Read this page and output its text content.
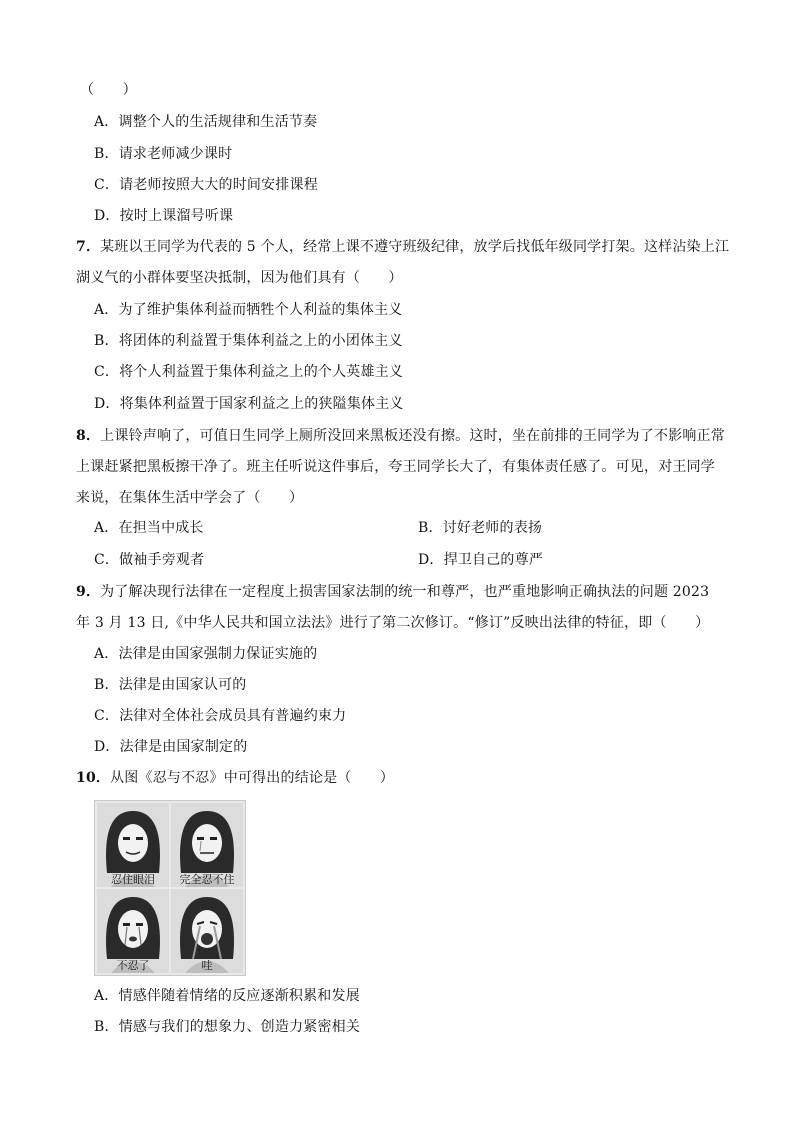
（　　）
A．调整个人的生活规律和生活节奏
B．请求老师减少课时
C．请老师按照大大的时间安排课程
D．按时上课溜号听课
7．某班以王同学为代表的 5 个人，经常上课不遵守班级纪律，放学后找低年级同学打架。这样沾染上江
湖义气的小群体要坚决抵制，因为他们具有（　　）
A．为了维护集体利益而牺牲个人利益的集体主义
B．将团体的利益置于集体利益之上的小团体主义
C．将个人利益置于集体利益之上的个人英雄主义
D．将集体利益置于国家利益之上的狭隘集体主义
8．上课铃声响了，可值日生同学上厕所没回来黑板还没有擦。这时，坐在前排的王同学为了不影响正常
上课赶紧把黑板擦干净了。班主任听说这件事后，夸王同学长大了，有集体责任感了。可见，对王同学
来说，在集体生活中学会了（　　）
A．在担当中成长	B．讨好老师的表扬
C．做袖手旁观者	D．捍卫自己的尊严
9．为了解决现行法律在一定程度上损害国家法制的统一和尊严，也严重地影响正确执法的问题 2023
年 3 月 13 日,《中华人民共和国立法法》进行了第二次修订。“修订”反映出法律的特征，即（　　）
A．法律是由国家强制力保证实施的
B．法律是由国家认可的
C．法律对全体社会成员具有普遍约束力
D．法律是由国家制定的
10．从图《忍与不忍》中可得出的结论是（　　）
忍住眼泪	完全忍不住
不忍了	哇
A．情感伴随着情绪的反应逐渐积累和发展
B．情感与我们的想象力、创造力紧密相关
